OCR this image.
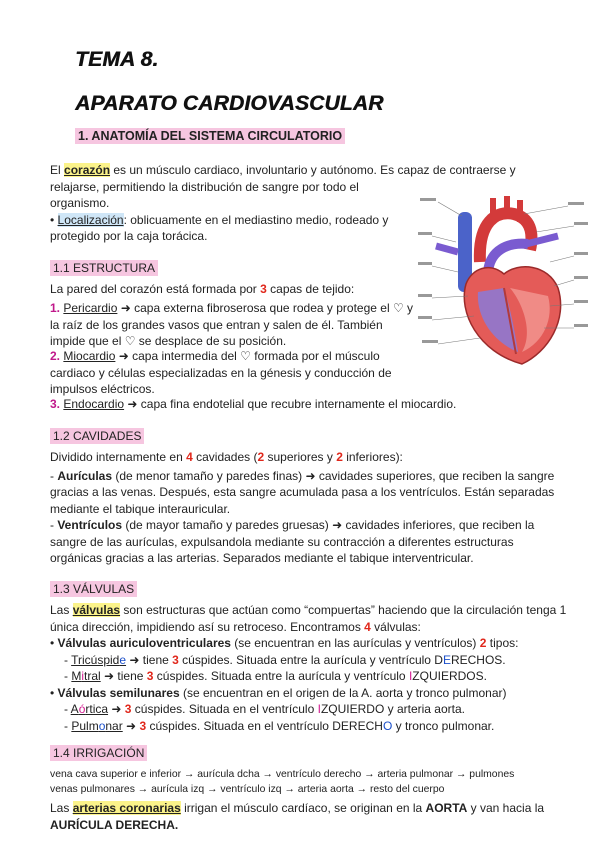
TEMA 8.
APARATO CARDIOVASCULAR
1. ANATOMÍA DEL SISTEMA CIRCULATORIO
El corazón es un músculo cardiaco, involuntario y autónomo. Es capaz de contraerse y
relajarse, permitiendo la distribución de sangre por todo el
organismo.
• Localización: oblicuamente en el mediastino medio, rodeado y
protegido por la caja torácica.
1.1 ESTRUCTURA
La pared del corazón está formada por 3 capas de tejido:
1. Pericardio ➜ capa externa fibroserosa que rodea y protege el ♡ y
la raíz de los grandes vasos que entran y salen de él. También
impide que el ♡ se desplace de su posición.
2. Miocardio ➜ capa intermedia del ♡ formada por el músculo
cardiaco y células especializadas en la génesis y conducción de
impulsos eléctricos.
3. Endocardio ➜ capa fina endotelial que recubre internamente el miocardio.
1.2 CAVIDADES
Dividido internamente en 4 cavidades (2 superiores y 2 inferiores):
- Aurículas (de menor tamaño y paredes finas) ➜ cavidades superiores, que reciben la sangre
gracias a las venas. Después, esta sangre acumulada pasa a los ventrículos. Están separadas
mediante el tabique interauricular.
- Ventrículos (de mayor tamaño y paredes gruesas) ➜ cavidades inferiores, que reciben la
sangre de las aurículas, expulsandola mediante su contracción a diferentes estructuras
orgánicas gracias a las arterias. Separados mediante el tabique interventricular.
1.3 VÁLVULAS
Las válvulas son estructuras que actúan como “compuertas” haciendo que la circulación tenga 1
única dirección, impidiendo así su retroceso. Encontramos 4 válvulas:
• Válvulas auriculoventriculares (se encuentran en las aurículas y ventrículos) 2 tipos:
- Tricúspide ➜ tiene 3 cúspides. Situada entre la aurícula y ventrículo DERECHOS.
- Mitral ➜ tiene 3 cúspides. Situada entre la aurícula y ventrículo IZQUIERDOS.
• Válvulas semilunares (se encuentran en el origen de la A. aorta y tronco pulmonar)
- Aórtica ➜ 3 cúspides. Situada en el ventrículo IZQUIERDO y arteria aorta.
- Pulmonar ➜ 3 cúspides. Situada en el ventrículo DERECHO y tronco pulmonar.
1.4 IRRIGACIÓN
vena cava superior e inferior → aurícula dcha → ventrículo derecho → arteria pulmonar → pulmones
venas pulmonares → aurícula izq → ventrículo izq → arteria aorta → resto del cuerpo
Las arterias coronarias irrigan el músculo cardíaco, se originan en la AORTA y van hacia la
AURÍCULA DERECHA.
